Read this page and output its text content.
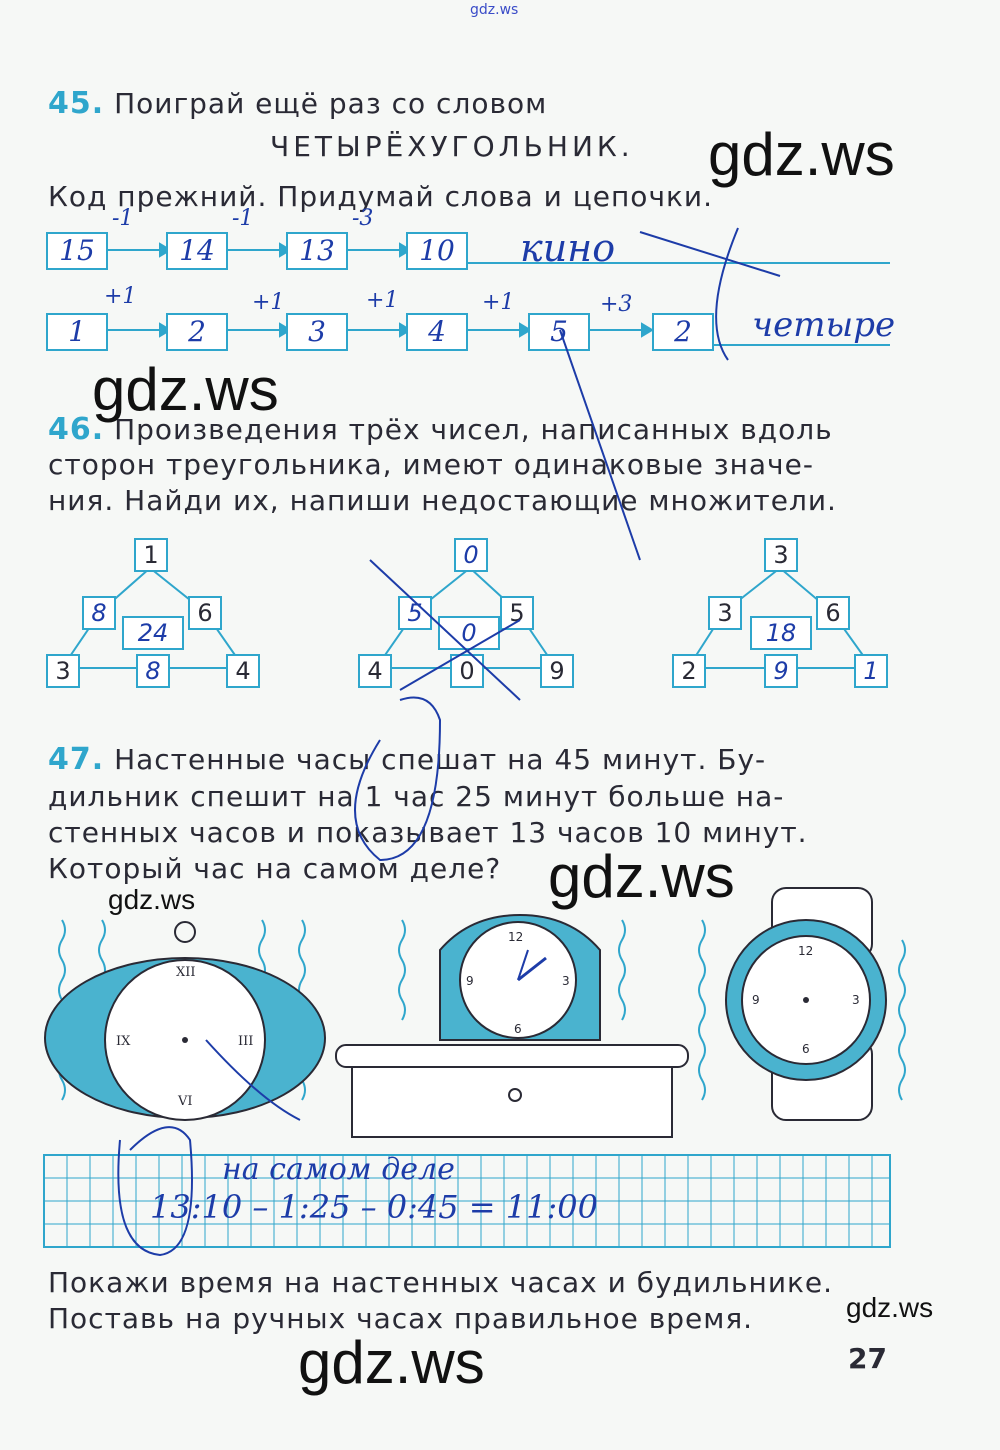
gdz.ws
45. Поиграй ещё раз со словом
ЧЕТЫРЁХУГОЛЬНИК.
Код прежний. Придумай слова и цепочки.
15	14	13	10
-1	-1	-3
кино
1	2	3	4	5	2
+1	+1	+1	+1	+3
четыре
46. Произведения трёх чисел, написанных вдоль
сторон треугольника, имеют одинаковые значе-
ния. Найди их, напиши недостающие множители.
1
8	6
24
3	8	4
0
5	5
0
4	0	9
3
3	6
18
2	9	1
47. Настенные часы спешат на 45 минут. Бу-
дильник спешит на 1 час 25 минут больше на-
стенных часов и показывает 13 часов 10 минут.
Который час на самом деле?
XII
III
VI
IX
12
3
6
9
12
3
6
9
на самом деле
13:10 – 1:25 – 0:45 = 11:00
Покажи время на настенных часах и будильнике.
Поставь на ручных часах правильное время.
27
gdz.ws
gdz.ws
gdz.ws
gdz.ws
gdz.ws
gdz.ws
